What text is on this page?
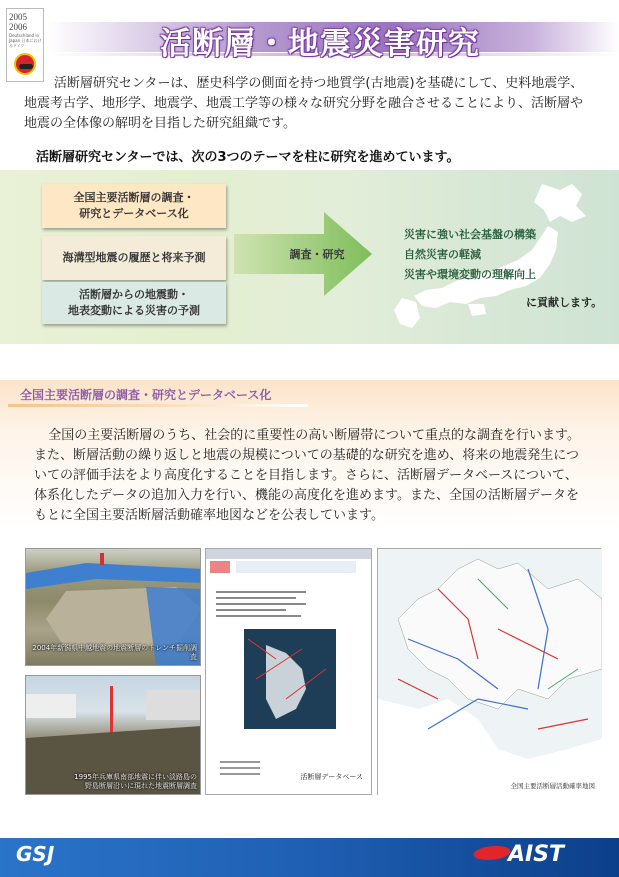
2005
2006
Deutschland in Japan 日本におけるドイツ	活断層・地震災害研究

活断層研究センターは、歴史科学の側面を持つ地質学(古地震)を基礎にして、史料地震学、地震考古学、地形学、地震学、地震工学等の様々な研究分野を融合させることにより、活断層や地震の全体像の解明を目指した研究組織です。

活断層研究センターでは、次の3つのテーマを柱に研究を進めています。

全国主要活断層の調査・
研究とデータベース化
海溝型地震の履歴と将来予測
活断層からの地震動・
地表変動による災害の予測
調査・研究
災害に強い社会基盤の構築
自然災害の軽減
災害や環境変動の理解向上
に貢献します。
全国主要活断層の調査・研究とデータベース化

全国の主要活断層のうち、社会的に重要性の高い断層帯について重点的な調査を行います。また、断層活動の繰り返しと地震の規模についての基礎的な研究を進め、将来の地震発生についての評価手法をより高度化することを目指します。さらに、活断層データベースについて、体系化したデータの追加入力を行い、機能の高度化を進めます。また、全国の活断層データをもとに全国主要活断層活動確率地図などを公表しています。

2004年新潟県中越地震の地震断層のトレンチ掘削調査
1995年兵庫県南部地震に伴い淡路島の
野島断層沿いに現れた地震断層調査
活断層データベース
全国主要活断層活動確率地図
GSJ	AIST
